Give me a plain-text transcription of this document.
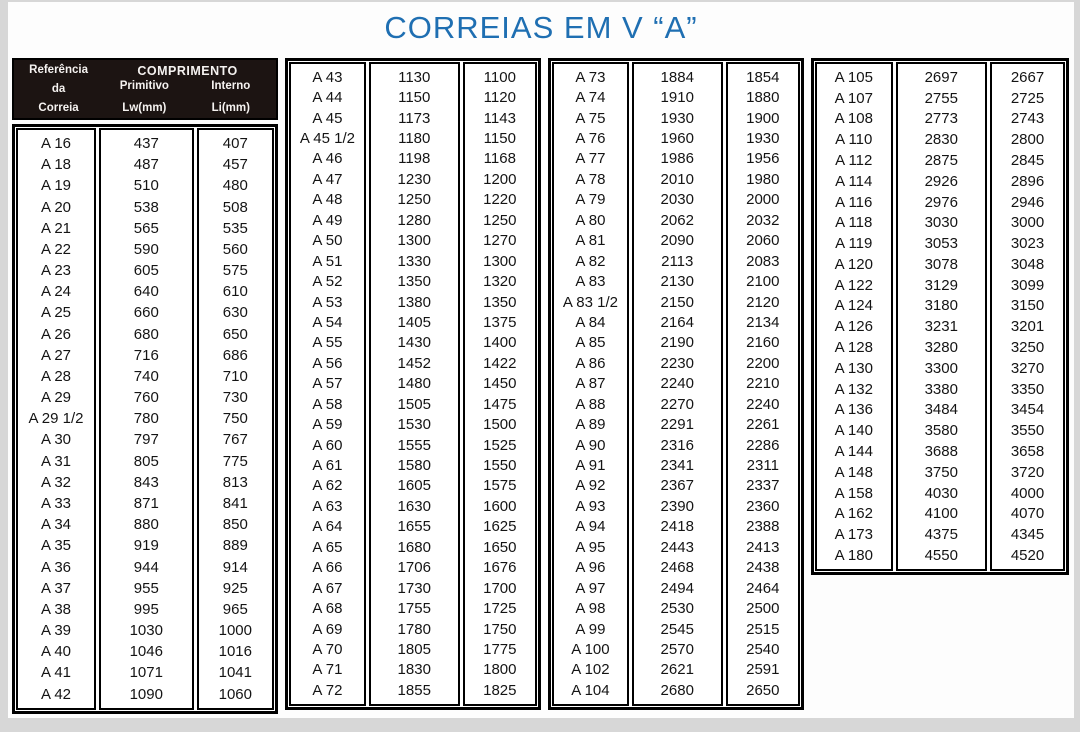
CORREIAS EM V “A”
Referência
da
Correia
COMPRIMENTO
Primitivo
Lw(mm)
Interno
Li(mm)
A 16
A 18
A 19
A 20
A 21
A 22
A 23
A 24
A 25
A 26
A 27
A 28
A 29
A 29 1/2
A 30
A 31
A 32
A 33
A 34
A 35
A 36
A 37
A 38
A 39
A 40
A 41
A 42
437
487
510
538
565
590
605
640
660
680
716
740
760
780
797
805
843
871
880
919
944
955
995
1030
1046
1071
1090
407
457
480
508
535
560
575
610
630
650
686
710
730
750
767
775
813
841
850
889
914
925
965
1000
1016
1041
1060
A 43
A 44
A 45
A 45 1/2
A 46
A 47
A 48
A 49
A 50
A 51
A 52
A 53
A 54
A 55
A 56
A 57
A 58
A 59
A 60
A 61
A 62
A 63
A 64
A 65
A 66
A 67
A 68
A 69
A 70
A 71
A 72
1130
1150
1173
1180
1198
1230
1250
1280
1300
1330
1350
1380
1405
1430
1452
1480
1505
1530
1555
1580
1605
1630
1655
1680
1706
1730
1755
1780
1805
1830
1855
1100
1120
1143
1150
1168
1200
1220
1250
1270
1300
1320
1350
1375
1400
1422
1450
1475
1500
1525
1550
1575
1600
1625
1650
1676
1700
1725
1750
1775
1800
1825
A 73
A 74
A 75
A 76
A 77
A 78
A 79
A 80
A 81
A 82
A 83
A 83 1/2
A 84
A 85
A 86
A 87
A 88
A 89
A 90
A 91
A 92
A 93
A 94
A 95
A 96
A 97
A 98
A 99
A 100
A 102
A 104
1884
1910
1930
1960
1986
2010
2030
2062
2090
2113
2130
2150
2164
2190
2230
2240
2270
2291
2316
2341
2367
2390
2418
2443
2468
2494
2530
2545
2570
2621
2680
1854
1880
1900
1930
1956
1980
2000
2032
2060
2083
2100
2120
2134
2160
2200
2210
2240
2261
2286
2311
2337
2360
2388
2413
2438
2464
2500
2515
2540
2591
2650
A 105
A 107
A 108
A 110
A 112
A 114
A 116
A 118
A 119
A 120
A 122
A 124
A 126
A 128
A 130
A 132
A 136
A 140
A 144
A 148
A 158
A 162
A 173
A 180
2697
2755
2773
2830
2875
2926
2976
3030
3053
3078
3129
3180
3231
3280
3300
3380
3484
3580
3688
3750
4030
4100
4375
4550
2667
2725
2743
2800
2845
2896
2946
3000
3023
3048
3099
3150
3201
3250
3270
3350
3454
3550
3658
3720
4000
4070
4345
4520
